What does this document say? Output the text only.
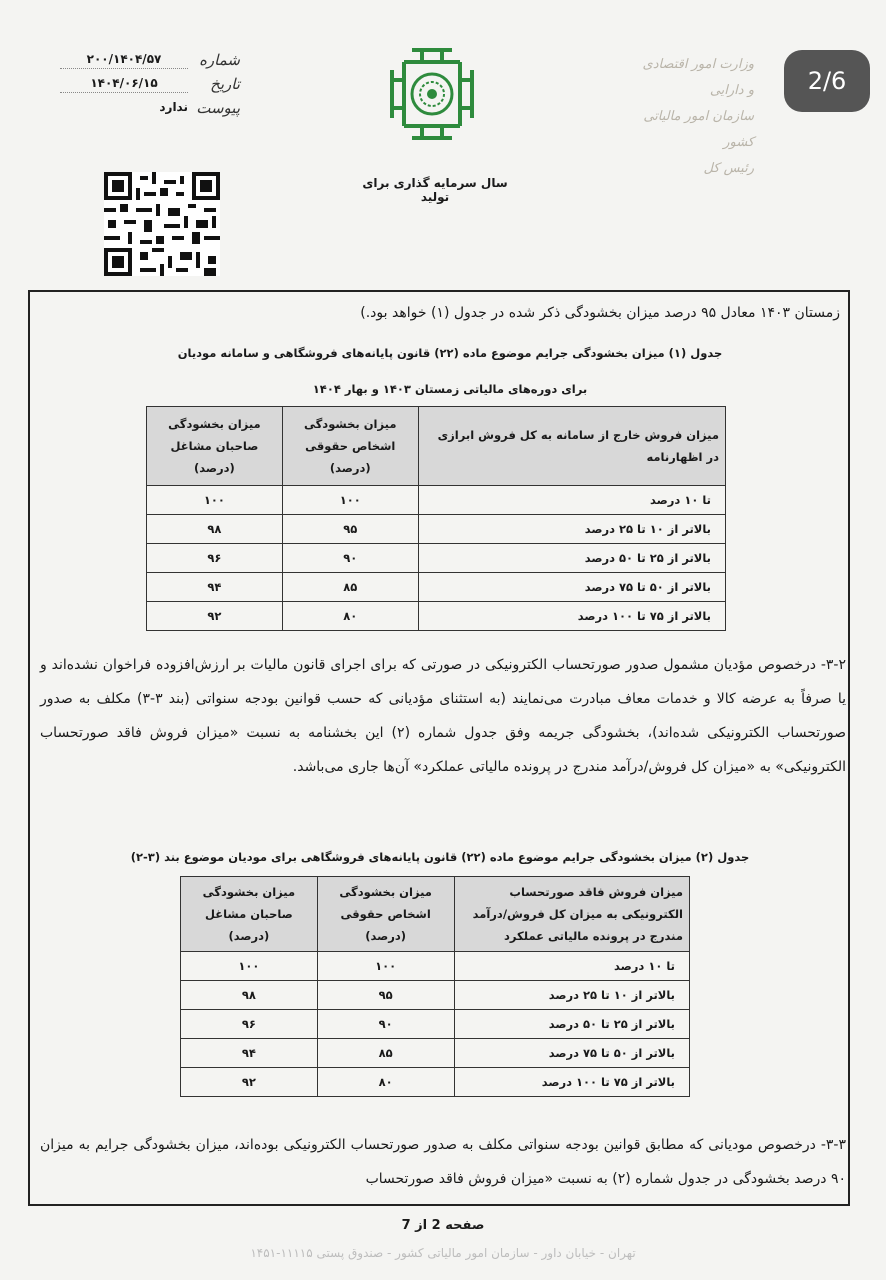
شماره
۲۰۰/۱۴۰۴/۵۷
تاریخ
۱۴۰۴/۰۶/۱۵
پیوست
ندارد
سال سرمایه گذاری برای تولید
وزارت امور اقتصادی و دارایی
سازمان امور مالیاتی کشور
رئیس کل
2/6
زمستان ۱۴۰۳ معادل ۹۵ درصد میزان بخشودگی ذکر شده در جدول (۱) خواهد بود.)
جدول (۱) میزان بخشودگی جرایم موضوع ماده (۲۲) قانون پایانه‌های فروشگاهی و سامانه مودیان
برای دوره‌های مالیاتی زمستان ۱۴۰۳ و بهار ۱۴۰۴
میزان فروش خارج از سامانه به کل فروش ابرازی در اظهارنامه	میزان بخشودگی اشخاص حقوقی (درصد)	میزان بخشودگی صاحبان مشاغل (درصد)
تا ۱۰ درصد	۱۰۰	۱۰۰
بالاتر از ۱۰ تا ۲۵ درصد	۹۵	۹۸
بالاتر از ۲۵ تا ۵۰ درصد	۹۰	۹۶
بالاتر از ۵۰ تا ۷۵ درصد	۸۵	۹۴
بالاتر از ۷۵ تا ۱۰۰ درصد	۸۰	۹۲
۳-۲- درخصوص مؤدیان مشمول صدور صورتحساب الکترونیکی در صورتی که برای اجرای قانون مالیات بر ارزش‌افزوده فراخوان نشده‌اند و یا صرفاً به عرضه کالا و خدمات معاف مبادرت می‌نمایند (به استثنای مؤدیانی که حسب قوانین بودجه سنواتی (بند ۳-۳) مکلف به صدور صورتحساب الکترونیکی شده‌اند)، بخشودگی جریمه وفق جدول شماره (۲) این بخشنامه به نسبت «میزان فروش فاقد صورتحساب الکترونیکی» به «میزان کل فروش/درآمد مندرج در پرونده مالیاتی عملکرد» آن‌ها جاری می‌باشد.
جدول (۲) میزان بخشودگی جرایم موضوع ماده (۲۲) قانون پایانه‌های فروشگاهی برای مودیان موضوع بند (۳-۲)
میزان فروش فاقد صورتحساب الکترونیکی به میزان کل فروش/درآمد مندرج در پرونده مالیاتی عملکرد	میزان بخشودگی اشخاص حقوقی (درصد)	میزان بخشودگی صاحبان مشاغل (درصد)
تا ۱۰ درصد	۱۰۰	۱۰۰
بالاتر از ۱۰ تا ۲۵ درصد	۹۵	۹۸
بالاتر از ۲۵ تا ۵۰ درصد	۹۰	۹۶
بالاتر از ۵۰ تا ۷۵ درصد	۸۵	۹۴
بالاتر از ۷۵ تا ۱۰۰ درصد	۸۰	۹۲
۳-۳- درخصوص مودیانی که مطابق قوانین بودجه سنواتی مکلف به صدور صورتحساب الکترونیکی بوده‌اند، میزان بخشودگی جرایم به میزان ۹۰ درصد بخشودگی در جدول شماره (۲) به نسبت «میزان فروش فاقد صورتحساب
صفحه 2 از 7
تهران - خیابان داور - سازمان امور مالیاتی کشور - صندوق پستی ۱۱۱۱۵-۱۴۵۱
